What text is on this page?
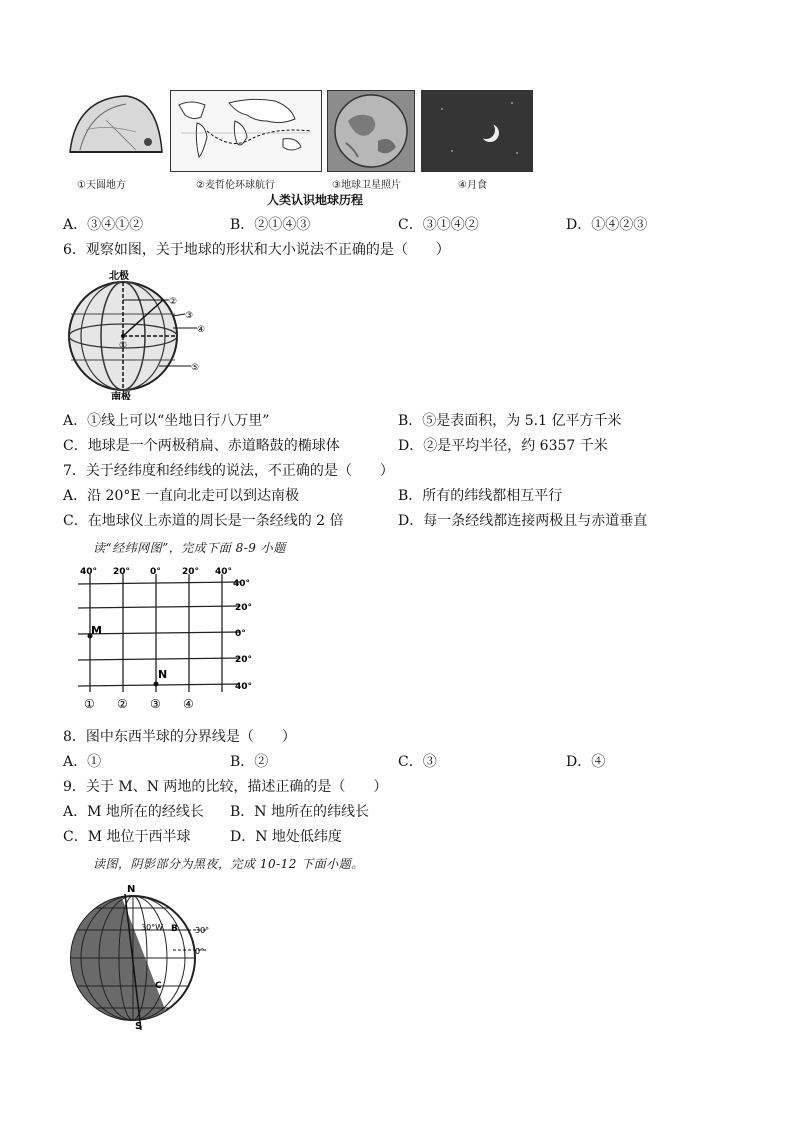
①天圆地方	②麦哲伦环球航行	③地球卫星照片	④月食
人类认识地球历程
A．③④①②	B．②①④③	C．③①④②	D．①④②③
6．观察如图，关于地球的形状和大小说法不正确的是（　　）
北极
南极
①
②
③
④
⑤
A．①线上可以“坐地日行八万里”	B．⑤是表面积，为 5.1 亿平方千米
C．地球是一个两极稍扁、赤道略鼓的椭球体	D．②是平均半径，约 6357 千米
7．关于经纬度和经纬线的说法，不正确的是（　　）
A．沿 20°E 一直向北走可以到达南极	B．所有的纬线都相互平行
C．在地球仪上赤道的周长是一条经线的 2 倍	D．每一条经线都连接两极且与赤道垂直
读“经纬网图”，完成下面 8-9 小题
M
N
40° 20° 0° 20° 40°
40°
20°
0°
20°
40°
① ② ③ ④
8．图中东西半球的分界线是（　　）
A．①	B．②	C．③	D．④
9．关于 M、N 两地的比较，描述正确的是（　　）
A．M 地所在的经线长 B．N 地所在的纬线长
C．M 地位于西半球	D．N 地处低纬度
读图，阴影部分为黑夜，完成 10-12 下面小题。
N
S
30°W B 30°
0°
C
